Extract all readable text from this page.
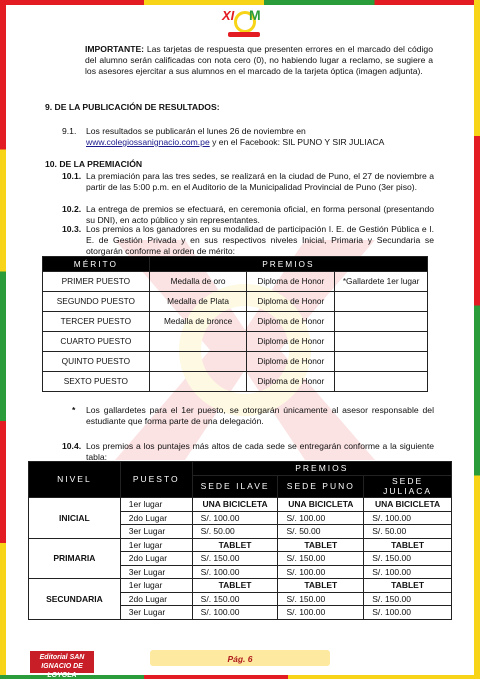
XI M
IMPORTANTE: Las tarjetas de respuesta que presenten errores en el marcado del código del alumno serán calificadas con nota cero (0), no habiendo lugar a reclamo, se sugiere a los asesores ejercitar a sus alumnos en el marcado de la tarjeta óptica (imagen adjunta).
9. DE LA PUBLICACIÓN DE RESULTADOS:
9.1. Los resultados se publicarán el lunes 26 de noviembre en
www.colegiossanignacio.com.pe y en el Facebook: SIL PUNO Y SIR JULIACA
10. DE LA PREMIACIÓN
10.1. La premiación para las tres sedes, se realizará en la ciudad de Puno, el 27 de noviembre a partir de las 5:00 p.m. en el Auditorio de la Municipalidad Provincial de Puno (3er piso).
10.2. La entrega de premios se efectuará, en ceremonia oficial, en forma personal (presentando su DNI), en acto público y sin representantes.
10.3. Los premios a los ganadores en su modalidad de participación I. E. de Gestión Pública e I. E. de Gestión Privada y en sus respectivos niveles Inicial, Primaria y Secundaria se otorgarán conforme al orden de mérito:
MÉRITO	PREMIOS		
PRIMER PUESTO	Medalla de oro	Diploma de Honor	*Gallardete 1er lugar
SEGUNDO PUESTO	Medalla de Plata	Diploma de Honor	
TERCER PUESTO	Medalla de bronce	Diploma de Honor	
CUARTO PUESTO		Diploma de Honor	
QUINTO PUESTO		Diploma de Honor	
SEXTO PUESTO		Diploma de Honor	
* Los gallardetes para el 1er puesto, se otorgarán únicamente al asesor responsable del estudiante que forma parte de una delegación.
10.4. Los premios a los puntajes más altos de cada sede se entregarán conforme a la siguiente tabla:
NIVEL	PUESTO	PREMIOS		
		SEDE ILAVE	SEDE PUNO	SEDE JULIACA
INICIAL	1er lugar	UNA BICICLETA	UNA BICICLETA	UNA BICICLETA
	2do Lugar	S/. 100.00	S/. 100.00	S/. 100.00
	3er Lugar	S/. 50.00	S/. 50.00	S/. 50.00
PRIMARIA	1er lugar	TABLET	TABLET	TABLET
	2do Lugar	S/. 150.00	S/. 150.00	S/. 150.00
	3er Lugar	S/. 100.00	S/. 100.00	S/. 100.00
SECUNDARIA	1er lugar	TABLET	TABLET	TABLET
	2do Lugar	S/. 150.00	S/. 150.00	S/. 150.00
	3er Lugar	S/. 100.00	S/. 100.00	S/. 100.00
Editorial SAN IGNACIO DE LOYOLA
Pág. 6
